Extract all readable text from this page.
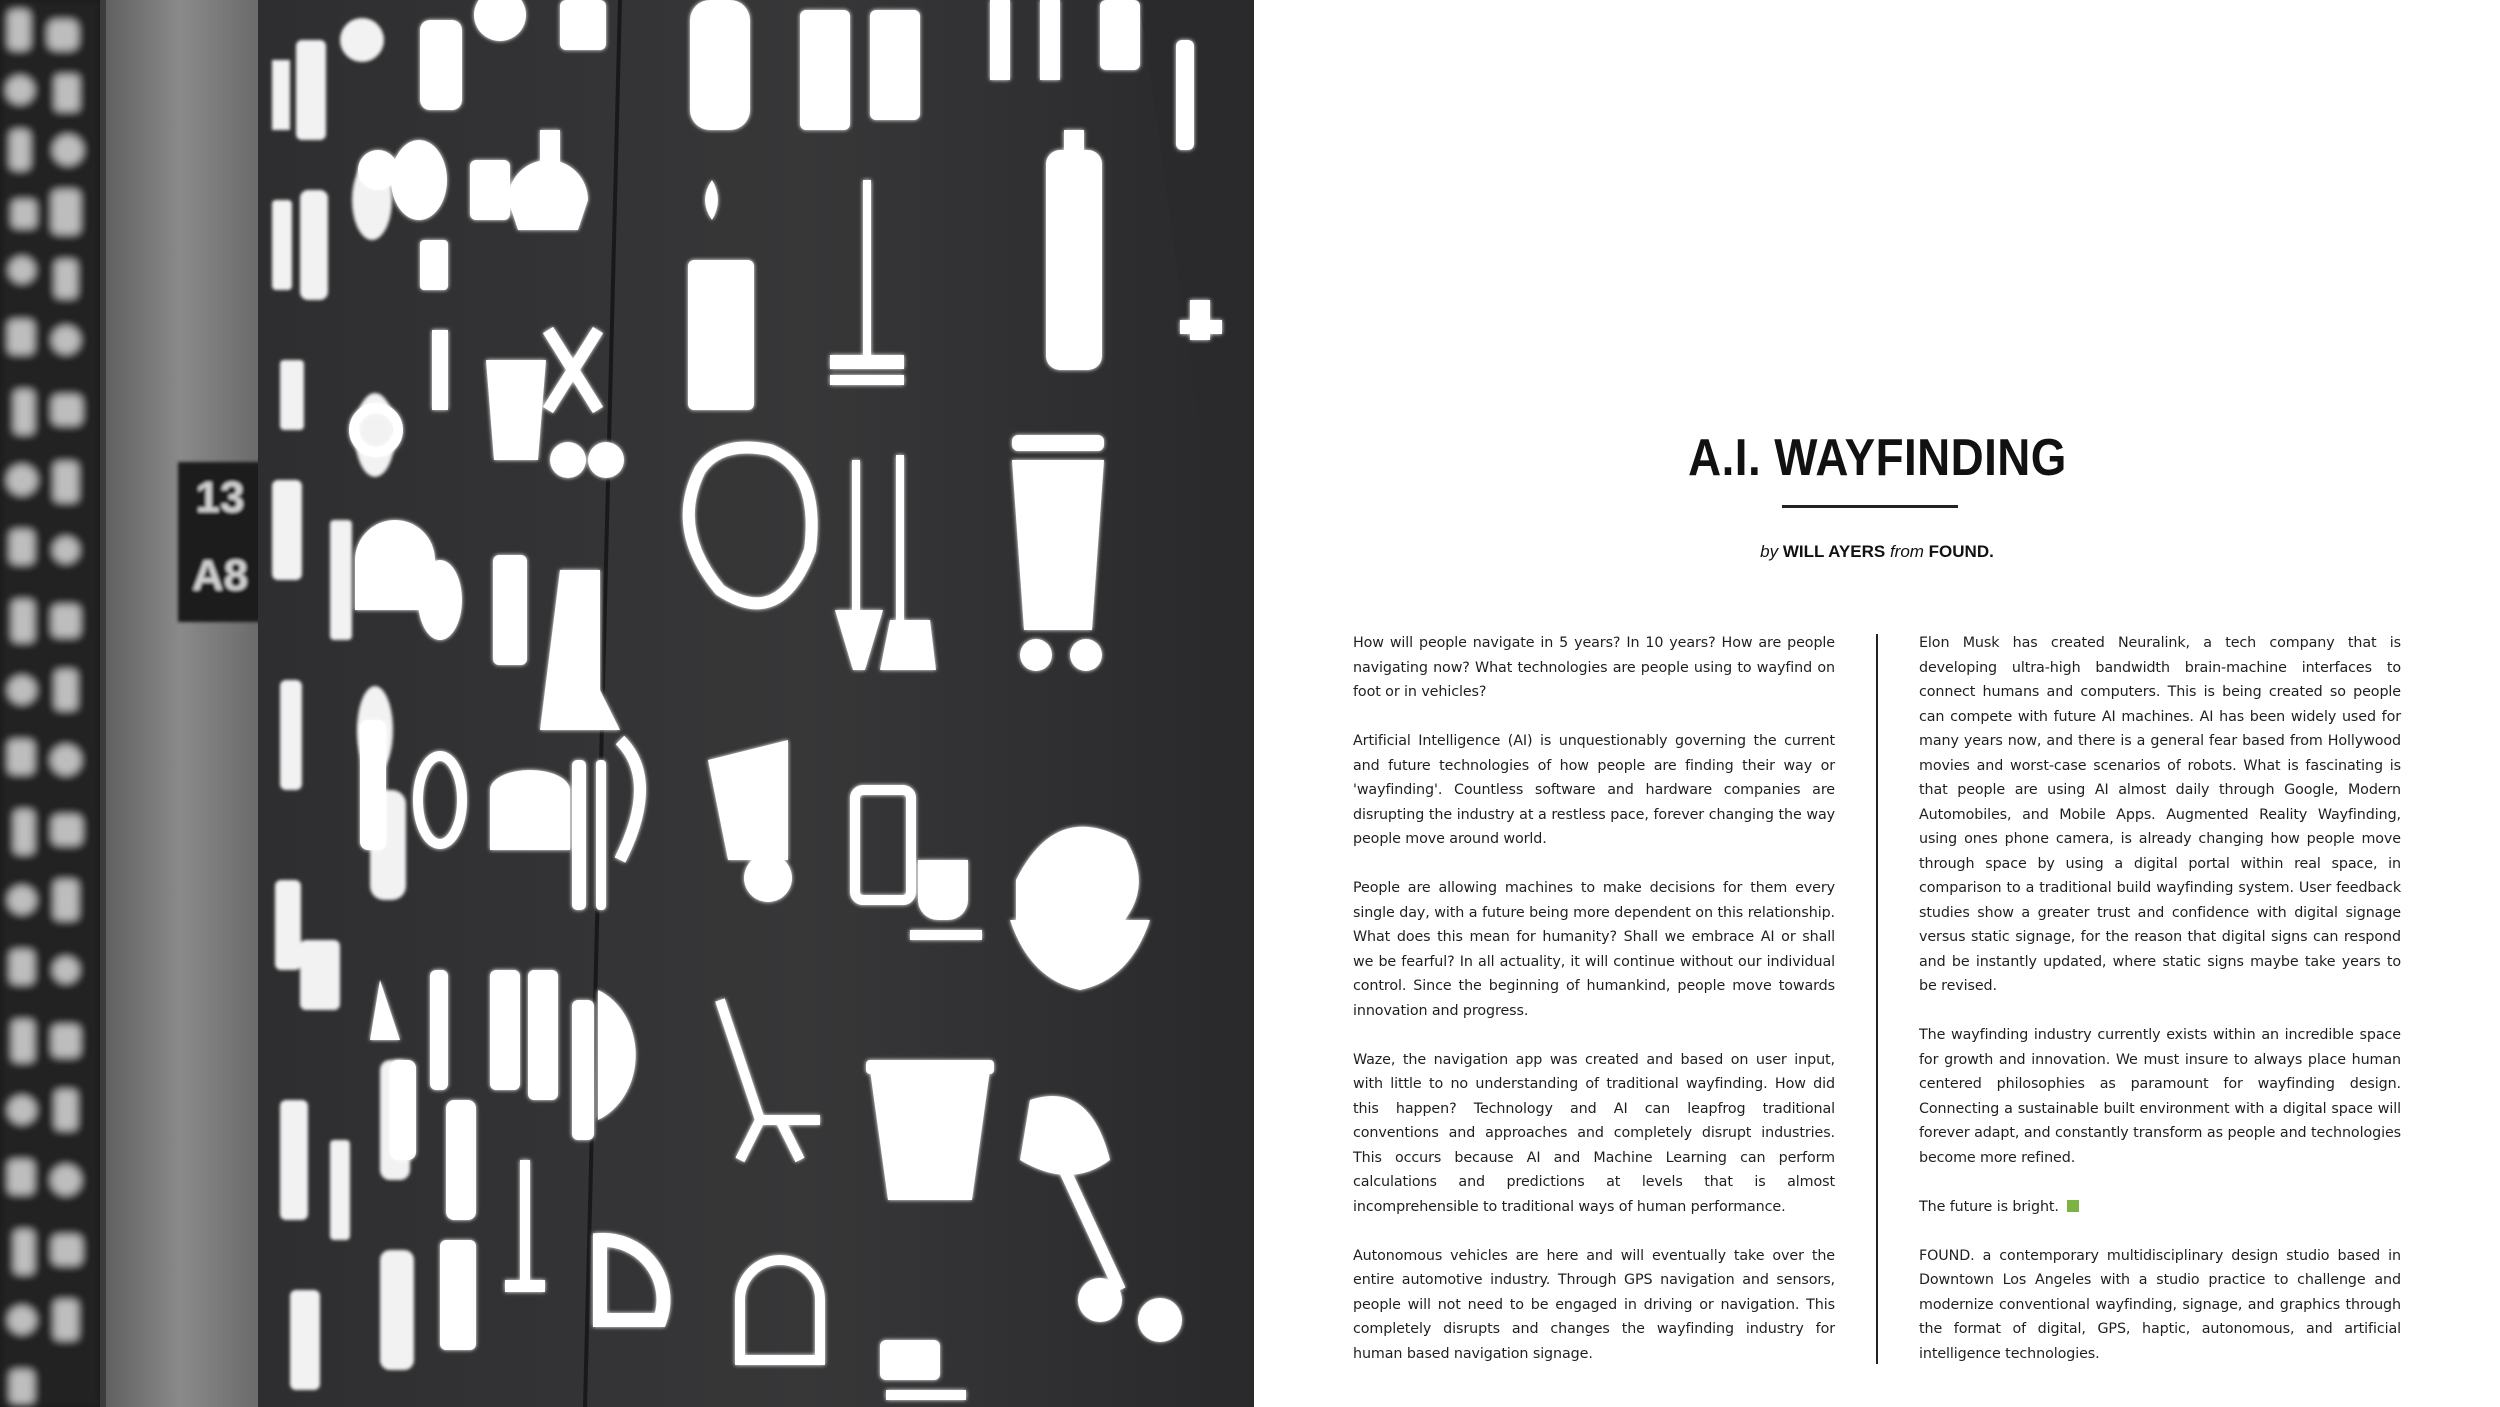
13
A8
A.I. WAYFINDING
by WILL AYERS from FOUND.

How will people navigate in 5 years? In 10 years? How are people navigating now? What technologies are people using to wayfind on foot or in vehicles?

Artificial Intelligence (AI) is unquestionably governing the current and future technologies of how people are finding their way or 'wayfinding'. Countless software and hardware companies are disrupting the industry at a restless pace, forever changing the way people move around world.

People are allowing machines to make decisions for them every single day, with a future being more dependent on this relationship. What does this mean for humanity? Shall we embrace AI or shall we be fearful? In all actuality, it will continue without our individual control. Since the beginning of humankind, people move towards innovation and progress.

Waze, the navigation app was created and based on user input, with little to no understanding of traditional wayfinding. How did this happen? Technology and AI can leapfrog traditional conventions and approaches and completely disrupt industries. This occurs because AI and Machine Learning can perform calculations and predictions at levels that is almost incomprehensible to traditional ways of human performance.

Autonomous vehicles are here and will eventually take over the entire automotive industry. Through GPS navigation and sensors, people will not need to be engaged in driving or navigation. This completely disrupts and changes the wayfinding industry for human based navigation signage.

Elon Musk has created Neuralink, a tech company that is developing ultra-high bandwidth brain-machine interfaces to connect humans and computers. This is being created so people can compete with future AI machines. AI has been widely used for many years now, and there is a general fear based from Hollywood movies and worst-case scenarios of robots. What is fascinating is that people are using AI almost daily through Google, Modern Automobiles, and Mobile Apps. Augmented Reality Wayfinding, using ones phone camera, is already changing how people move through space by using a digital portal within real space, in comparison to a traditional build wayfinding system. User feedback studies show a greater trust and confidence with digital signage versus static signage, for the reason that digital signs can respond and be instantly updated, where static signs maybe take years to be revised.

The wayfinding industry currently exists within an incredible space for growth and innovation. We must insure to always place human centered philosophies as paramount for wayfinding design. Connecting a sustainable built environment with a digital space will forever adapt, and constantly transform as people and technologies become more refined.

The future is bright.

FOUND. a contemporary multidisciplinary design studio based in Downtown Los Angeles with a studio practice to challenge and modernize conventional wayfinding, signage, and graphics through the format of digital, GPS, haptic, autonomous, and artificial intelligence technologies.
